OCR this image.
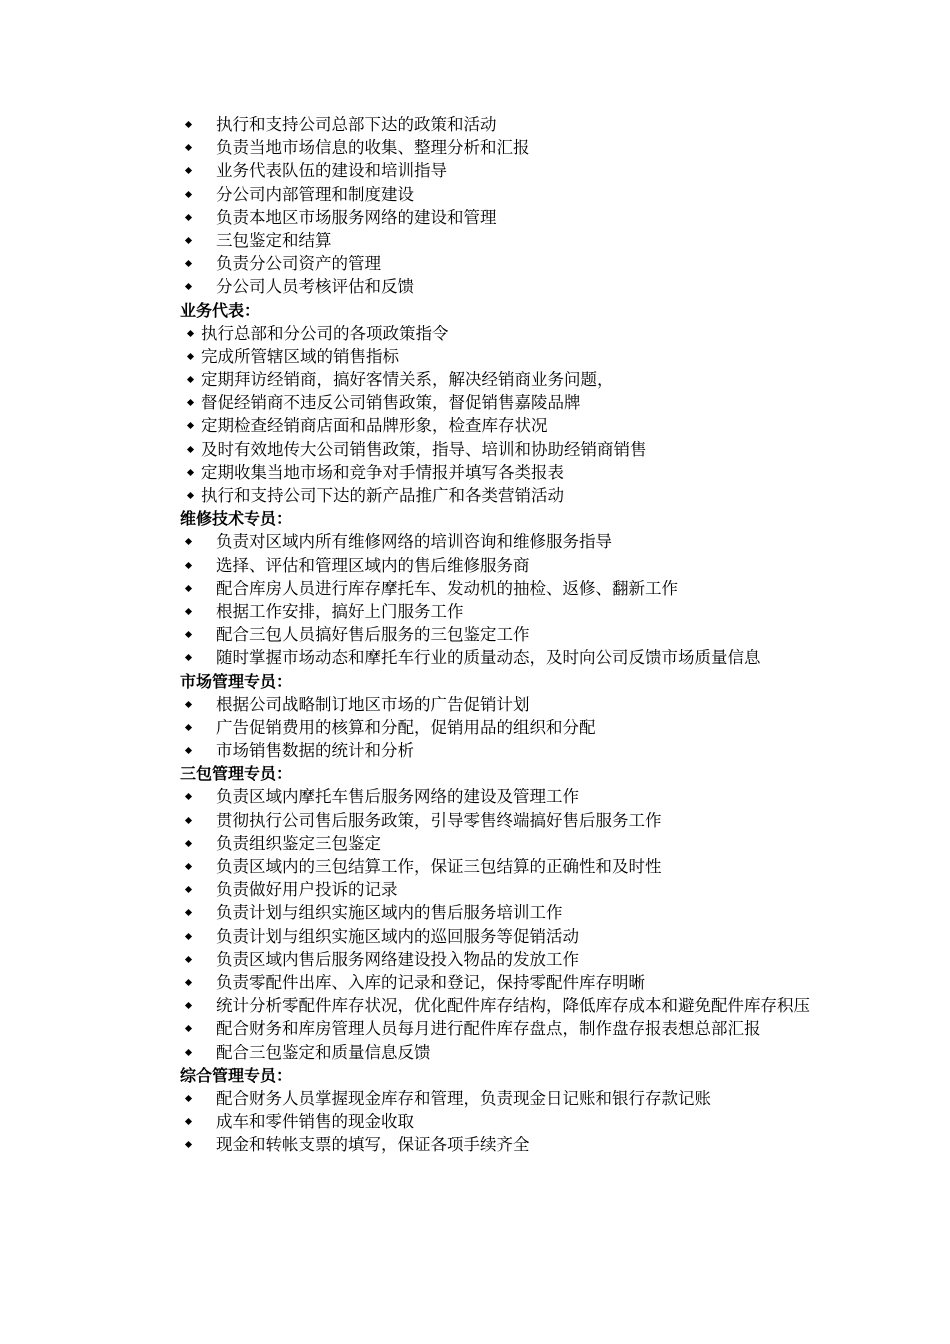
执行和支持公司总部下达的政策和活动
负责当地市场信息的收集、整理分析和汇报
业务代表队伍的建设和培训指导
分公司内部管理和制度建设
负责本地区市场服务网络的建设和管理
三包鉴定和结算
负责分公司资产的管理
分公司人员考核评估和反馈
业务代表：
执行总部和分公司的各项政策指令
完成所管辖区域的销售指标
定期拜访经销商，搞好客情关系，解决经销商业务问题，
督促经销商不违反公司销售政策，督促销售嘉陵品牌
定期检查经销商店面和品牌形象，检查库存状况
及时有效地传大公司销售政策，指导、培训和协助经销商销售
定期收集当地市场和竞争对手情报并填写各类报表
执行和支持公司下达的新产品推广和各类营销活动
维修技术专员：
负责对区域内所有维修网络的培训咨询和维修服务指导
选择、评估和管理区域内的售后维修服务商
配合库房人员进行库存摩托车、发动机的抽检、返修、翻新工作
根据工作安排，搞好上门服务工作
配合三包人员搞好售后服务的三包鉴定工作
随时掌握市场动态和摩托车行业的质量动态，及时向公司反馈市场质量信息
市场管理专员：
根据公司战略制订地区市场的广告促销计划
广告促销费用的核算和分配，促销用品的组织和分配
市场销售数据的统计和分析
三包管理专员：
负责区域内摩托车售后服务网络的建设及管理工作
贯彻执行公司售后服务政策，引导零售终端搞好售后服务工作
负责组织鉴定三包鉴定
负责区域内的三包结算工作，保证三包结算的正确性和及时性
负责做好用户投诉的记录
负责计划与组织实施区域内的售后服务培训工作
负责计划与组织实施区域内的巡回服务等促销活动
负责区域内售后服务网络建设投入物品的发放工作
负责零配件出库、入库的记录和登记，保持零配件库存明晰
统计分析零配件库存状况，优化配件库存结构，降低库存成本和避免配件库存积压
配合财务和库房管理人员每月进行配件库存盘点，制作盘存报表想总部汇报
配合三包鉴定和质量信息反馈
综合管理专员：
配合财务人员掌握现金库存和管理，负责现金日记账和银行存款记账
成车和零件销售的现金收取
现金和转帐支票的填写，保证各项手续齐全
